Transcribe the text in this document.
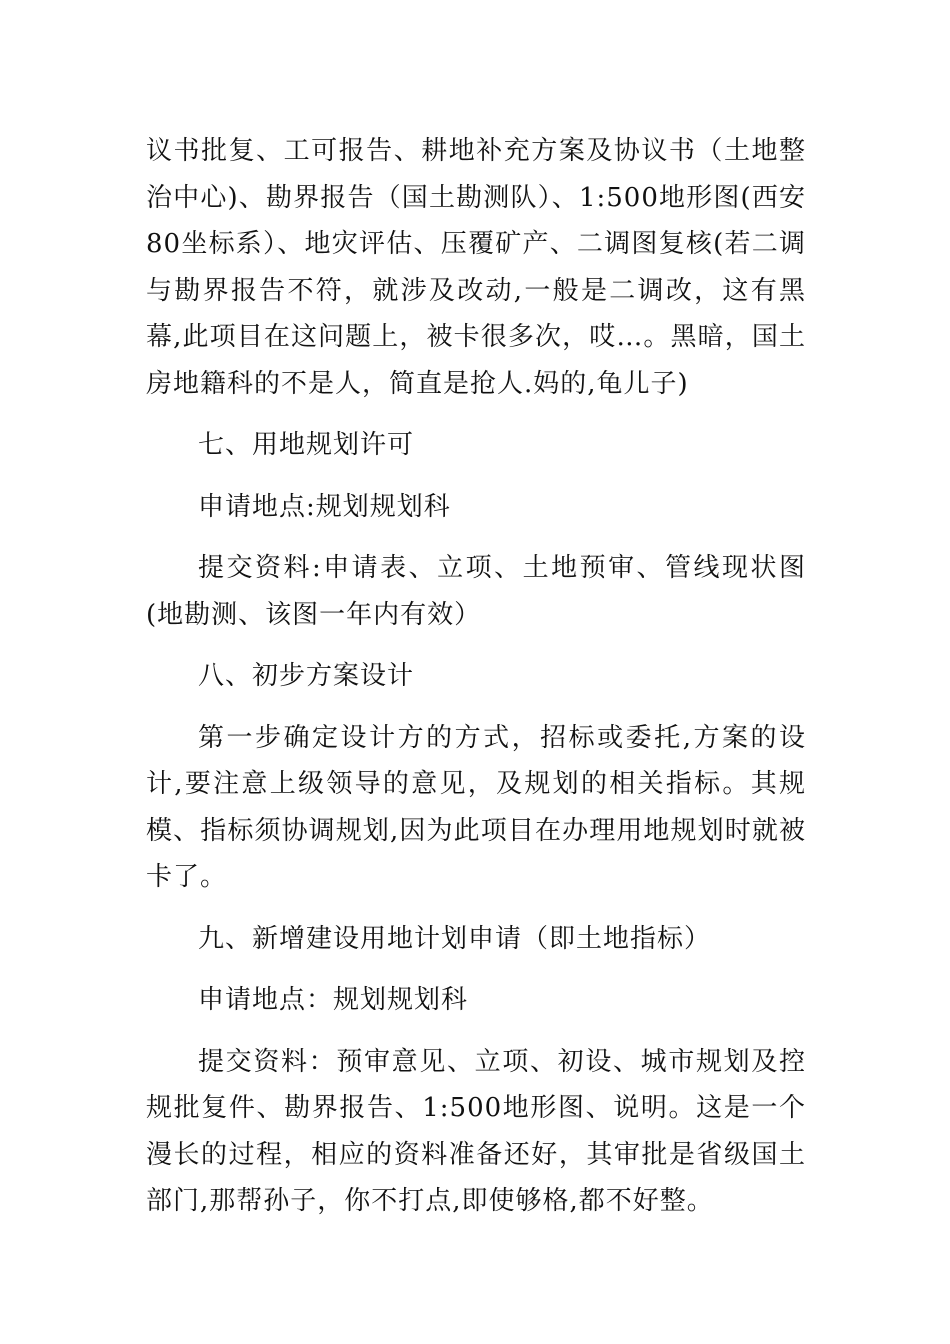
议书批复、工可报告、耕地补充方案及协议书（土地整治中心)、勘界报告（国土勘测队）、1:500地形图(西安80坐标系）、地灾评估、压覆矿产、二调图复核(若二调与勘界报告不符，就涉及改动,一般是二调改，这有黑幕,此项目在这问题上，被卡很多次，哎…。黑暗，国土房地籍科的不是人，简直是抢人.妈的,龟儿子)

七、用地规划许可

申请地点:规划规划科

提交资料:申请表、立项、土地预审、管线现状图(地勘测、该图一年内有效）

八、初步方案设计

第一步确定设计方的方式，招标或委托,方案的设计,要注意上级领导的意见，及规划的相关指标。其规模、指标须协调规划,因为此项目在办理用地规划时就被卡了。

九、新增建设用地计划申请（即土地指标）

申请地点：规划规划科

提交资料：预审意见、立项、初设、城市规划及控规批复件、勘界报告、1:500地形图、说明。这是一个漫长的过程，相应的资料准备还好，其审批是省级国土部门,那帮孙子，你不打点,即使够格,都不好整。
